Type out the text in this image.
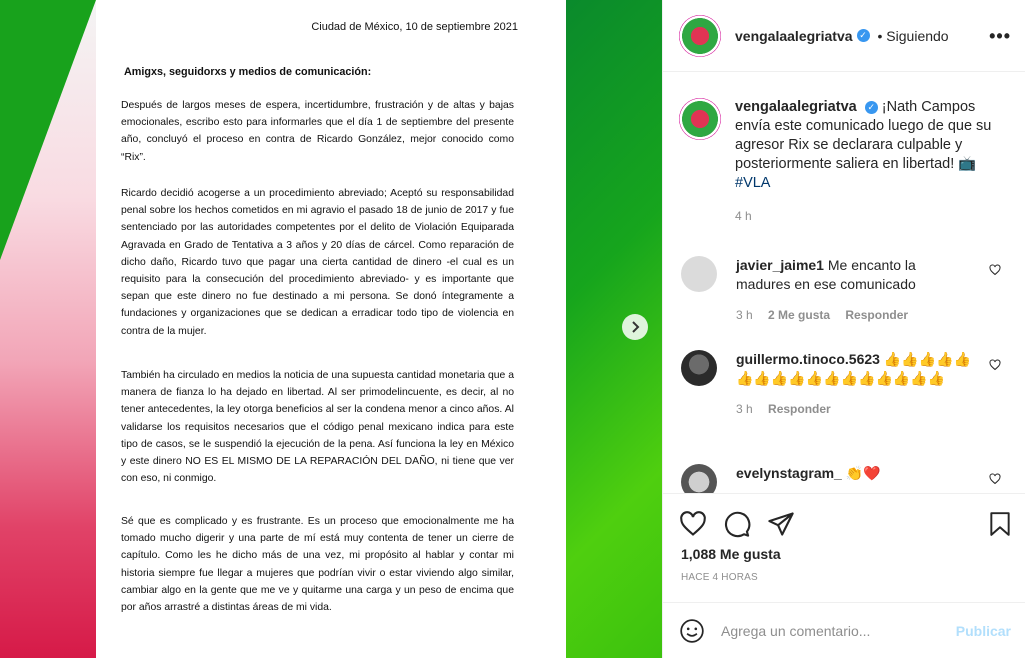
Ciudad de México, 10 de septiembre 2021
Amigxs, seguidorxs y medios de comunicación:
Después de largos meses de espera, incertidumbre, frustración y de altas y bajas emocionales, escribo esto para informarles que el día 1 de septiembre del presente año, concluyó el proceso en contra de Ricardo González, mejor conocido como “Rix”.
Ricardo decidió acogerse a un procedimiento abreviado; Aceptó su responsabilidad penal sobre los hechos cometidos en mi agravio el pasado 18 de junio de 2017 y fue sentenciado por las autoridades competentes por el delito de Violación Equiparada Agravada en Grado de Tentativa a 3 años y 20 días de cárcel. Como reparación de dicho daño, Ricardo tuvo que pagar una cierta cantidad de dinero -el cual es un requisito para la consecución del procedimiento abreviado- y es importante que sepan que este dinero no fue destinado a mi persona. Se donó íntegramente a fundaciones y organizaciones que se dedican a erradicar todo tipo de violencia en contra de la mujer.
También ha circulado en medios la noticia de una supuesta cantidad monetaria que a manera de fianza lo ha dejado en libertad. Al ser primodelincuente, es decir, al no tener antecedentes, la ley otorga beneficios al ser la condena menor a cinco años. Al validarse los requisitos necesarios que el código penal mexicano indica para este tipo de casos, se le suspendió la ejecución de la pena. Así funciona la ley en México y este dinero NO ES EL MISMO DE LA REPARACIÓN DEL DAÑO, ni tiene que ver con eso, ni conmigo.
Sé que es complicado y es frustrante. Es un proceso que emocionalmente me ha tomado mucho digerir y una parte de mí está muy contenta de tener un cierre de capítulo. Como les he dicho más de una vez, mi propósito al hablar y contar mi historia siempre fue llegar a mujeres que podrían vivir o estar viviendo algo similar, cambiar algo en la gente que me ve y quitarme una carga y un peso de encima que por años arrastré a distintas áreas de mi vida.
vengalaalegriatva ✓ • Siguiendo •••
vengalaalegriatva ✓ ¡Nath Campos envía este comunicado luego de que su agresor Rix se declarara culpable y posteriormente saliera en libertad! 📺 #VLA
4 h
javier_jaime1 Me encanto la madures en ese comunicado
3 h 2 Me gusta Responder
guillermo.tinoco.5623 👍👍👍👍👍👍👍👍👍👍👍👍👍👍👍👍👍
3 h Responder
evelynstagram_ 👏❤️
1,088 Me gusta
HACE 4 HORAS
Agrega un comentario...
Publicar
